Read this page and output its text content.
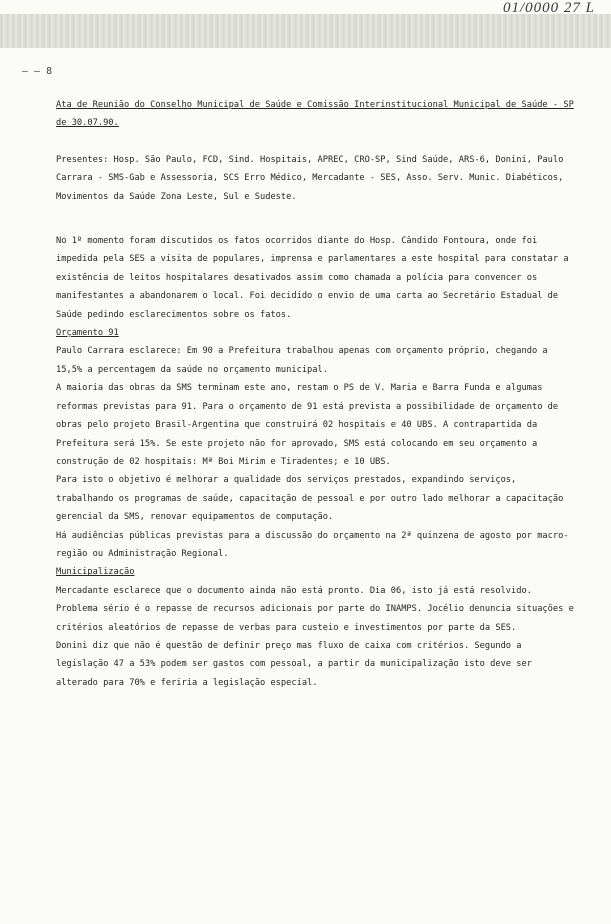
01/0000 27 L
– – 8

Ata de Reunião do Conselho Municipal de Saúde e Comissão Interinstitucional Municipal de Saúde - SP de 30.07.90.

Presentes: Hosp. São Paulo, FCD, Sind. Hospitais, APREC, CRO-SP, Sind Saúde, ARS-6, Donini, Paulo Carrara - SMS-Gab e Assessoria, SCS Erro Médico, Mercadante - SES, Asso. Serv. Munic. Diabéticos, Movimentos da Saúde Zona Leste, Sul e Sudeste.

No 1º momento foram discutidos os fatos ocorridos diante do Hosp. Cândido Fontoura, onde foi impedida pela SES a visita de populares, imprensa e parlamentares a este hospital para constatar a existência de leitos hospitalares desativados assim como chamada a polícia para convencer os manifestantes a abandonarem o local. Foi decidido o envio de uma carta ao Secretário Estadual de Saúde pedindo esclarecimentos sobre os fatos.

Orçamento 91

Paulo Carrara esclarece: Em 90 a Prefeitura trabalhou apenas com orçamento próprio, chegando a 15,5% a percentagem da saúde no orçamento municipal.

A maioria das obras da SMS terminam este ano, restam o PS de V. Maria e Barra Funda e algumas reformas previstas para 91. Para o orçamento de 91 está prevista a possibilidade de orçamento de obras pelo projeto Brasil-Argentina que construirá 02 hospitais e 40 UBS. A contrapartida da Prefeitura será 15%. Se este projeto não for aprovado, SMS está colocando em seu orçamento a construção de 02 hospitais: Mª Boi Mirim e Tiradentes; e 10 UBS.

Para isto o objetivo é melhorar a qualidade dos serviços prestados, expandindo serviços, trabalhando os programas de saúde, capacitação de pessoal e por outro lado melhorar a capacitação gerencial da SMS, renovar equipamentos de computação.

Há audiências públicas previstas para a discussão do orçamento na 2ª quinzena de agosto por macro-região ou Administração Regional.

Municipalização

Mercadante esclarece que o documento ainda não está pronto. Dia 06, isto já está resolvido. Problema sério é o repasse de recursos adicionais por parte do INAMPS. Jocélio denuncia situações e critérios aleatórios de repasse de verbas para custeio e investimentos por parte da SES.

Donini diz que não é questão de definir preço mas fluxo de caixa com critérios. Segundo a legislação 47 a 53% podem ser gastos com pessoal, a partir da municipalização isto deve ser alterado para 70% e feriria a legislação especial.
